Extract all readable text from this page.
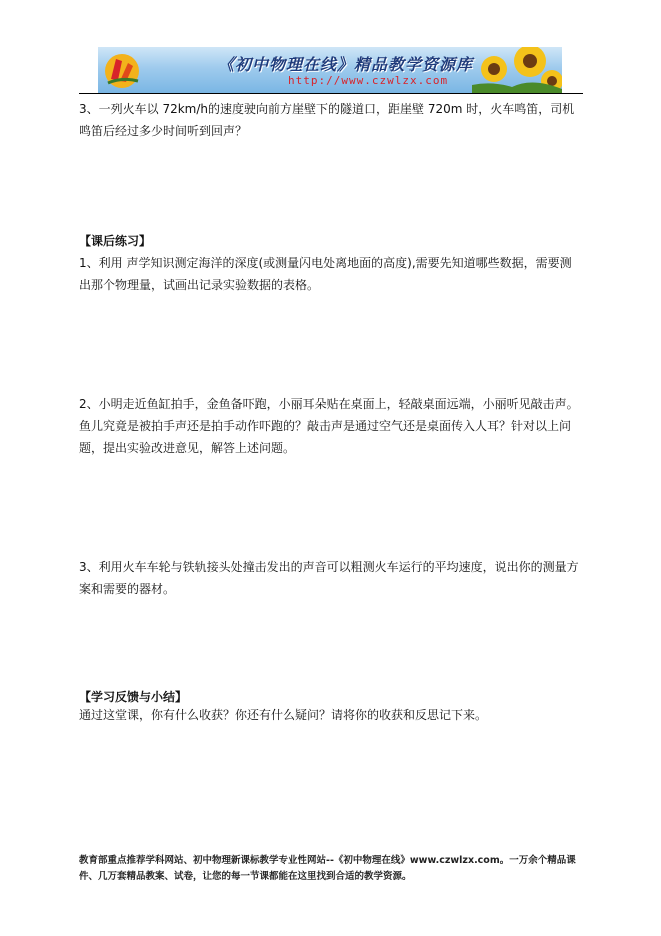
《初中物理在线》精品教学资源库
http://www.czwlzx.com

3、一列火车以 72km/h的速度驶向前方崖壁下的隧道口，距崖壁 720m 时，火车鸣笛，司机鸣笛后经过多少时间听到回声？

【课后练习】

1、利用 声学知识测定海洋的深度(或测量闪电处离地面的高度),需要先知道哪些数据，需要测出那个物理量，试画出记录实验数据的表格。

2、小明走近鱼缸拍手，金鱼备吓跑，小丽耳朵贴在桌面上，轻敲桌面远端，小丽听见敲击声。鱼儿究竟是被拍手声还是拍手动作吓跑的？敲击声是通过空气还是桌面传入人耳？针对以上问题，提出实验改进意见，解答上述问题。

3、利用火车车轮与铁轨接头处撞击发出的声音可以粗测火车运行的平均速度，说出你的测量方案和需要的器材。

【学习反馈与小结】

通过这堂课，你有什么收获？你还有什么疑问？请将你的收获和反思记下来。

教育部重点推荐学科网站、初中物理新课标教学专业性网站--《初中物理在线》www.czwlzx.com。一万余个精品课
件、几万套精品教案、试卷，让您的每一节课都能在这里找到合适的教学资源。
